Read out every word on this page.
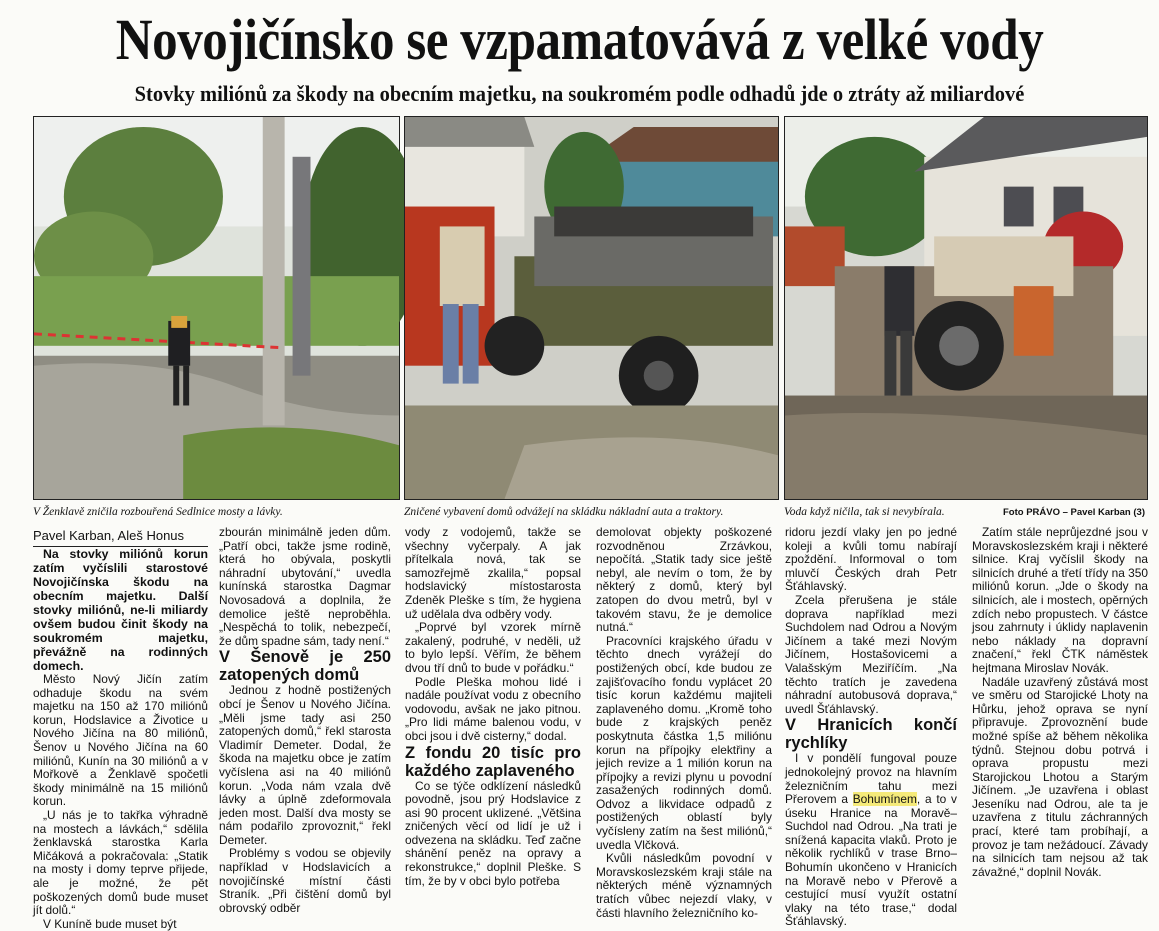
Novojičínsko se vzpamatovává z velké vody
Stovky miliónů za škody na obecním majetku, na soukromém podle odhadů jde o ztráty až miliardové
V Ženklavě zničila rozbouřená Sedlnice mosty a lávky.	Zničené vybavení domů odvážejí na skládku nákladní auta a traktory.	Voda když ničila, tak si nevybírala.	Foto PRÁVO – Pavel Karban (3)

Pavel Karban, Aleš Honus

Na stovky miliónů korun zatím vyčíslili starostové Novojičínska škodu na obecním majetku. Další stovky miliónů, ne-li miliardy ovšem budou činit škody na soukromém majetku, převážně na rodinných domech.

Město Nový Jičín zatím odhaduje škodu na svém majetku na 150 až 170 miliónů korun, Hodslavice a Životice u Nového Jičína na 80 miliónů, Šenov u Nového Jičína na 60 miliónů, Kunín na 30 miliónů a v Mořkově a Ženklavě spočetli škody minimálně na 15 miliónů korun.

„U nás je to takřka výhradně na mostech a lávkách,“ sdělila ženklavská starostka Karla Mičáková a pokračovala: „Statik na mosty i domy teprve přijede, ale je možné, že pět poškozených domů bude muset jít dolů.“

V Kuníně bude muset být

zbourán minimálně jeden dům. „Patří obci, takže jsme rodině, která ho obývala, poskytli náhradní ubytování,“ uvedla kunínská starostka Dagmar Novosadová a doplnila, že demolice ještě neproběhla. „Nespěchá to tolik, nebezpečí, že dům spadne sám, tady není.“

V Šenově je 250 zatopených domů

Jednou z hodně postižených obcí je Šenov u Nového Jičína. „Měli jsme tady asi 250 zatopených domů,“ řekl starosta Vladimír Demeter. Dodal, že škoda na majetku obce je zatím vyčíslena asi na 40 miliónů korun. „Voda nám vzala dvě lávky a úplně zdeformovala jeden most. Další dva mosty se nám podařilo zprovoznit,“ řekl Demeter.

Problémy s vodou se objevily například v Hodslavicích a novojičínské místní části Straník. „Při čištění domů byl obrovský odběr

vody z vodojemů, takže se všechny vyčerpaly. A jak přítelkala nová, tak se samozřejmě zkalila,“ popsal hodslavický místostarosta Zdeněk Pleške s tím, že hygiena už udělala dva odběry vody.

„Poprvé byl vzorek mírně zakalený, podruhé, v neděli, už to bylo lepší. Věřím, že během dvou tří dnů to bude v pořádku.“

Podle Pleška mohou lidé i nadále používat vodu z obecního vodovodu, avšak ne jako pitnou. „Pro lidi máme balenou vodu, v obci jsou i dvě cisterny,“ dodal.

Z fondu 20 tisíc pro každého zaplaveného

Co se týče odklízení následků povodně, jsou prý Hodslavice z asi 90 procent uklizené. „Většina zničených věcí od lidí je už i odvezena na skládku. Teď začne shánění peněz na opravy a rekonstrukce,“ doplnil Pleške. S tím, že by v obci bylo potřeba

demolovat objekty poškozené rozvodněnou Zrzávkou, nepočítá. „Statik tady sice ještě nebyl, ale nevím o tom, že by některý z domů, který byl zatopen do dvou metrů, byl v takovém stavu, že je demolice nutná.“

Pracovníci krajského úřadu v těchto dnech vyrážejí do postižených obcí, kde budou ze zajišťovacího fondu vyplácet 20 tisíc korun každému majiteli zaplaveného domu. „Kromě toho bude z krajských peněz poskytnuta částka 1,5 miliónu korun na přípojky elektřiny a jejich revize a 1 milión korun na přípojky a revizi plynu u povodní zasažených rodinných domů. Odvoz a likvidace odpadů z postižených oblastí byly vyčísleny zatím na šest miliónů,“ uvedla Vlčková.

Kvůli následkům povodní v Moravskoslezském kraji stále na některých méně významných tratích vůbec nejezdí vlaky, v části hlavního železničního ko-

ridoru jezdí vlaky jen po jedné koleji a kvůli tomu nabírají zpoždění. Informoval o tom mluvčí Českých drah Petr Šťáhlavský.

Zcela přerušena je stále doprava například mezi Suchdolem nad Odrou a Novým Jičínem a také mezi Novým Jičínem, Hostašovicemi a Valašským Meziříčím. „Na těchto tratích je zavedena náhradní autobusová doprava,“ uvedl Šťáhlavský.

V Hranicích končí rychlíky

I v pondělí fungoval pouze jednokolejný provoz na hlavním železničním tahu mezi Přerovem a Bohumínem, a to v úseku Hranice na Moravě–Suchdol nad Odrou. „Na trati je snížená kapacita vlaků. Proto je několik rychlíků v trase Brno–Bohumín ukončeno v Hranicích na Moravě nebo v Přerově a cestující musí využít ostatní vlaky na této trase,“ dodal Šťáhlavský.

Zatím stále neprůjezdné jsou v Moravskoslezském kraji i některé silnice. Kraj vyčíslil škody na silnicích druhé a třetí třídy na 350 miliónů korun. „Jde o škody na silnicích, ale i mostech, opěrných zdích nebo propustech. V částce jsou zahrnuty i úklidy naplavenin nebo náklady na dopravní značení,“ řekl ČTK náměstek hejtmana Miroslav Novák.

Nadále uzavřený zůstává most ve směru od Starojické Lhoty na Hůrku, jehož oprava se nyní připravuje. Zprovoznění bude možné spíše až během několika týdnů. Stejnou dobu potrvá i oprava propustu mezi Starojickou Lhotou a Starým Jičínem. „Je uzavřena i oblast Jeseníku nad Odrou, ale ta je uzavřena z titulu záchranných prací, které tam probíhají, a provoz je tam nežádoucí. Závady na silnicích tam nejsou až tak závažné,“ doplnil Novák.
